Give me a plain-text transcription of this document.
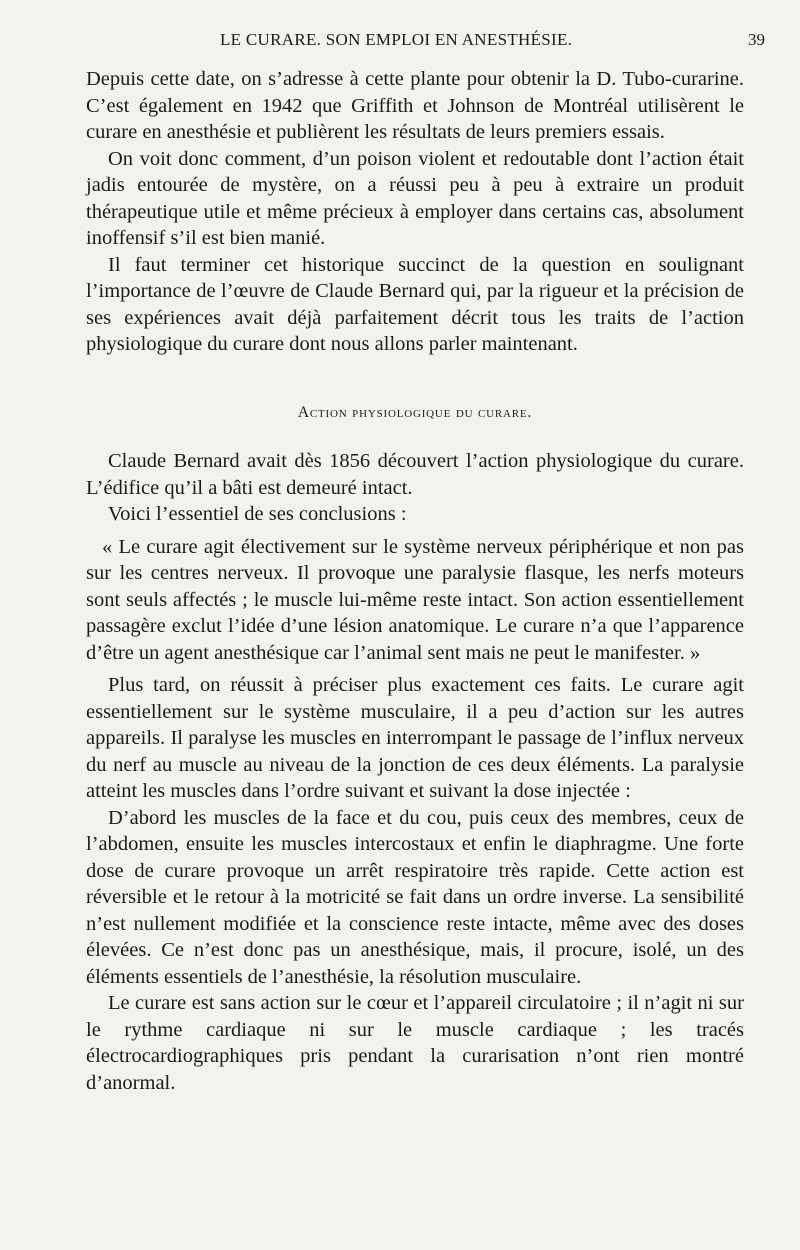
LE CURARE. SON EMPLOI EN ANESTHÉSIE.	39

Depuis cette date, on s’adresse à cette plante pour obtenir la D. Tubo-curarine. C’est également en 1942 que Griffith et Johnson de Montréal utilisèrent le curare en anesthésie et publièrent les résultats de leurs premiers essais.

On voit donc comment, d’un poison violent et redoutable dont l’action était jadis entourée de mystère, on a réussi peu à peu à extraire un produit thérapeutique utile et même précieux à employer dans certains cas, absolument inoffensif s’il est bien manié.

Il faut terminer cet historique succinct de la question en soulignant l’importance de l’œuvre de Claude Bernard qui, par la rigueur et la précision de ses expériences avait déjà parfaitement décrit tous les traits de l’action physiologique du curare dont nous allons parler maintenant.

Action physiologique du curare.

Claude Bernard avait dès 1856 découvert l’action physiologique du curare. L’édifice qu’il a bâti est demeuré intact.

Voici l’essentiel de ses conclusions :

« Le curare agit électivement sur le système nerveux périphérique et non pas sur les centres nerveux. Il provoque une paralysie flasque, les nerfs moteurs sont seuls affectés ; le muscle lui-même reste intact. Son action essentiellement passagère exclut l’idée d’une lésion anatomique. Le curare n’a que l’apparence d’être un agent anesthésique car l’animal sent mais ne peut le manifester. »

Plus tard, on réussit à préciser plus exactement ces faits. Le curare agit essentiellement sur le système musculaire, il a peu d’action sur les autres appareils. Il paralyse les muscles en interrompant le passage de l’influx nerveux du nerf au muscle au niveau de la jonction de ces deux éléments. La paralysie atteint les muscles dans l’ordre suivant et suivant la dose injectée :

D’abord les muscles de la face et du cou, puis ceux des membres, ceux de l’abdomen, ensuite les muscles intercostaux et enfin le diaphragme. Une forte dose de curare provoque un arrêt respiratoire très rapide. Cette action est réversible et le retour à la motricité se fait dans un ordre inverse. La sensibilité n’est nullement modifiée et la conscience reste intacte, même avec des doses élevées. Ce n’est donc pas un anesthésique, mais, il procure, isolé, un des éléments essentiels de l’anesthésie, la résolution musculaire.

Le curare est sans action sur le cœur et l’appareil circulatoire ; il n’agit ni sur le rythme cardiaque ni sur le muscle cardiaque ; les tracés électrocardiographiques pris pendant la curarisation n’ont rien montré d’anormal.
